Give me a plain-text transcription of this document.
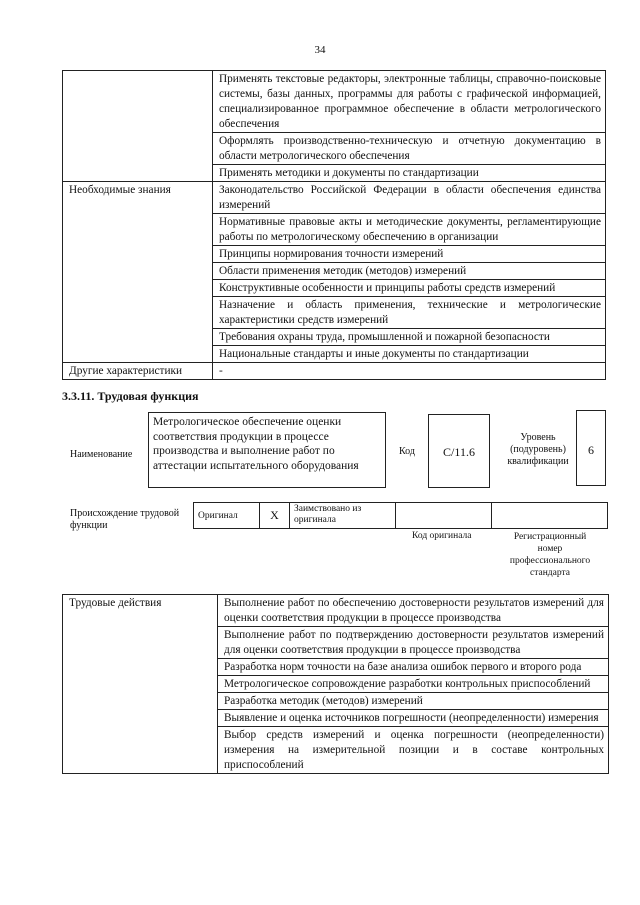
34
	Применять текстовые редакторы, электронные таблицы, справочно-поисковые системы, базы данных, программы для работы с графической информацией, специализированное программное обеспечение в области метрологического обеспечения
	Оформлять производственно-техническую и отчетную документацию в области метрологического обеспечения
	Применять методики и документы по стандартизации
Необходимые знания	Законодательство Российской Федерации в области обеспечения единства измерений
	Нормативные правовые акты и методические документы, регламентирующие работы по метрологическому обеспечению в организации
	Принципы нормирования точности измерений
	Области применения методик (методов) измерений
	Конструктивные особенности и принципы работы средств измерений
	Назначение и область применения, технические и метрологические характеристики средств измерений
	Требования охраны труда, промышленной и пожарной безопасности
	Национальные стандарты и иные документы по стандартизации
Другие характеристики	-
3.3.11. Трудовая функция
Наименование
Метрологическое обеспечение оценки соответствия продукции в процессе производства и выполнение работ по аттестации испытательного оборудования
Код	C/11.6
Уровень (подуровень) квалификации
6
Происхождение трудовой функции
Оригинал	X	Заимствовано из оригинала		
Код оригинала	Регистрационный номер профессионального стандарта
Трудовые действия	Выполнение работ по обеспечению достоверности результатов измерений для оценки соответствия продукции в процессе производства
Выполнение работ по подтверждению достоверности результатов измерений для оценки соответствия продукции в процессе производства
Разработка норм точности на базе анализа ошибок первого и второго рода
Метрологическое сопровождение разработки контрольных приспособлений
Разработка методик (методов) измерений
Выявление и оценка источников погрешности (неопределенности) измерения
Выбор средств измерений и оценка погрешности (неопределенности) измерения на измерительной позиции и в составе контрольных приспособлений
